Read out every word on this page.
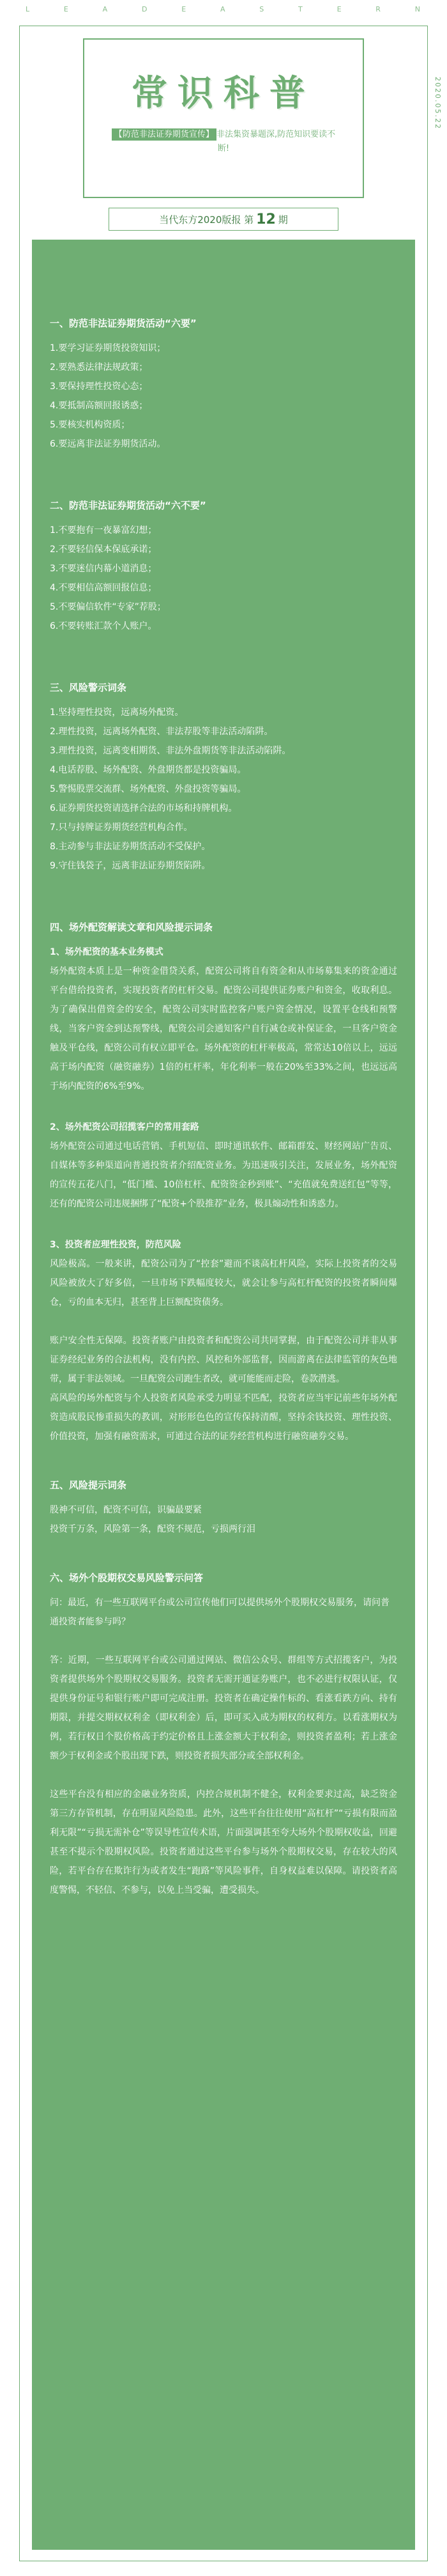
L	E	A	D	E	A	S	T	E	R	N
常识科普
【防范非法证券期货宣传】 非法集资暴题深,防范知识要读不断!
2020.05.22
当代东方2020版报 第 12 期
一、防范非法证券期货活动“六要”
1.要学习证券期货投资知识；
2.要熟悉法律法规政策；
3.要保持理性投资心态；
4.要抵制高额回报诱惑；
5.要核实机构资质；
6.要远离非法证券期货活动。
二、防范非法证券期货活动“六不要”
1.不要抱有一夜暴富幻想；
2.不要轻信保本保底承诺；
3.不要迷信内幕小道消息；
4.不要相信高额回报信息；
5.不要偏信软件“专家”荐股；
6.不要转账汇款个人账户。
三、风险警示词条
1.坚持理性投资，远离场外配资。
2.理性投资，远离场外配资、非法荐股等非法活动陷阱。
3.理性投资，远离变相期货、非法外盘期货等非法活动陷阱。
4.电话荐股、场外配资、外盘期货都是投资骗局。
5.警惕股票交流群、场外配资、外盘投资等骗局。
6.证券期货投资请选择合法的市场和持牌机构。
7.只与持牌证券期货经营机构合作。
8.主动参与非法证券期货活动不受保护。
9.守住钱袋子，远离非法证券期货陷阱。
四、场外配资解读文章和风险提示词条
1、场外配资的基本业务模式
场外配资本质上是一种资金借贷关系，配资公司将自有资金和从市场募集来的资金通过平台借给投资者，实现投资者的杠杆交易。配资公司提供证券账户和资金，收取利息。为了确保出借资金的安全，配资公司实时监控客户账户资金情况，设置平仓线和预警线，当客户资金到达预警线，配资公司会通知客户自行减仓或补保证金，一旦客户资金触及平仓线，配资公司有权立即平仓。场外配资的杠杆率极高，常常达10倍以上，远远高于场内配资（融资融券）1倍的杠杆率，年化利率一般在20%至33%之间，也远远高于场内配资的6%至9%。
2、场外配资公司招揽客户的常用套路
场外配资公司通过电话营销、手机短信、即时通讯软件、邮箱群发、财经网站广告页、自媒体等多种渠道向普通投资者介绍配资业务。为迅速吸引关注，发展业务，场外配资的宣传五花八门，“低门槛、10倍杠杆、配资资金秒到账”、“充值就免费送红包”等等，还有的配资公司违规捆绑了“配资+个股推荐”业务，极具煽动性和诱惑力。
3、投资者应理性投资，防范风险
风险极高。一般来讲，配资公司为了“控套”避而不谈高杠杆风险，实际上投资者的交易风险被放大了好多倍，一旦市场下跌幅度较大，就会让参与高杠杆配资的投资者瞬间爆仓，亏的血本无归，甚至背上巨额配资债务。
账户安全性无保障。投资者账户由投资者和配资公司共同掌握，由于配资公司并非从事证券经纪业务的合法机构，没有内控、风控和外部监督，因而游离在法律监管的灰色地带，属于非法领域。一旦配资公司跑生者改，就可能能而走险，卷款潜逃。
高风险的场外配资与个人投资者风险承受力明显不匹配，投资者应当牢记前些年场外配资造成股民惨重损失的教训，对形形色色的宣传保持清醒，坚持余钱投资、理性投资、价值投资，加强有融资需求，可通过合法的证券经营机构进行融资融券交易。
五、风险提示词条
股神不可信，配资不可信，识骗最要紧
投资千万条，风险第一条，配资不规范，亏损两行泪
六、场外个股期权交易风险警示问答
问：最近，有一些互联网平台或公司宣传他们可以提供场外个股期权交易服务，请问普通投资者能参与吗？
答：近期，一些互联网平台或公司通过网站、微信公众号、群组等方式招揽客户，为投资者提供场外个股期权交易服务。投资者无需开通证券账户，也不必进行权限认证，仅提供身份证号和银行账户即可完成注册。投资者在确定操作标的、看涨看跌方向、持有期限，并提交期权权利金（即权利金）后，即可买入成为期权的权利方。以看涨期权为例，若行权日个股价格高于约定价格且上涨金额大于权利金，则投资者盈利；若上涨金额少于权利金或个股出现下跌，则投资者损失部分或全部权利金。
这些平台没有相应的金融业务资质，内控合规机制不健全，权利金要求过高，缺乏资金第三方存管机制，存在明显风险隐患。此外，这些平台往往使用“高杠杆”“亏损有限而盈利无限”“亏损无需补仓”等误导性宣传术语，片面强调甚至夸大场外个股期权收益，回避甚至不提示个股期权风险。投资者通过这些平台参与场外个股期权交易，存在较大的风险，若平台存在欺诈行为或者发生“跑路”等风险事件，自身权益难以保障。请投资者高度警惕，不轻信、不参与，以免上当受骗，遭受损失。
